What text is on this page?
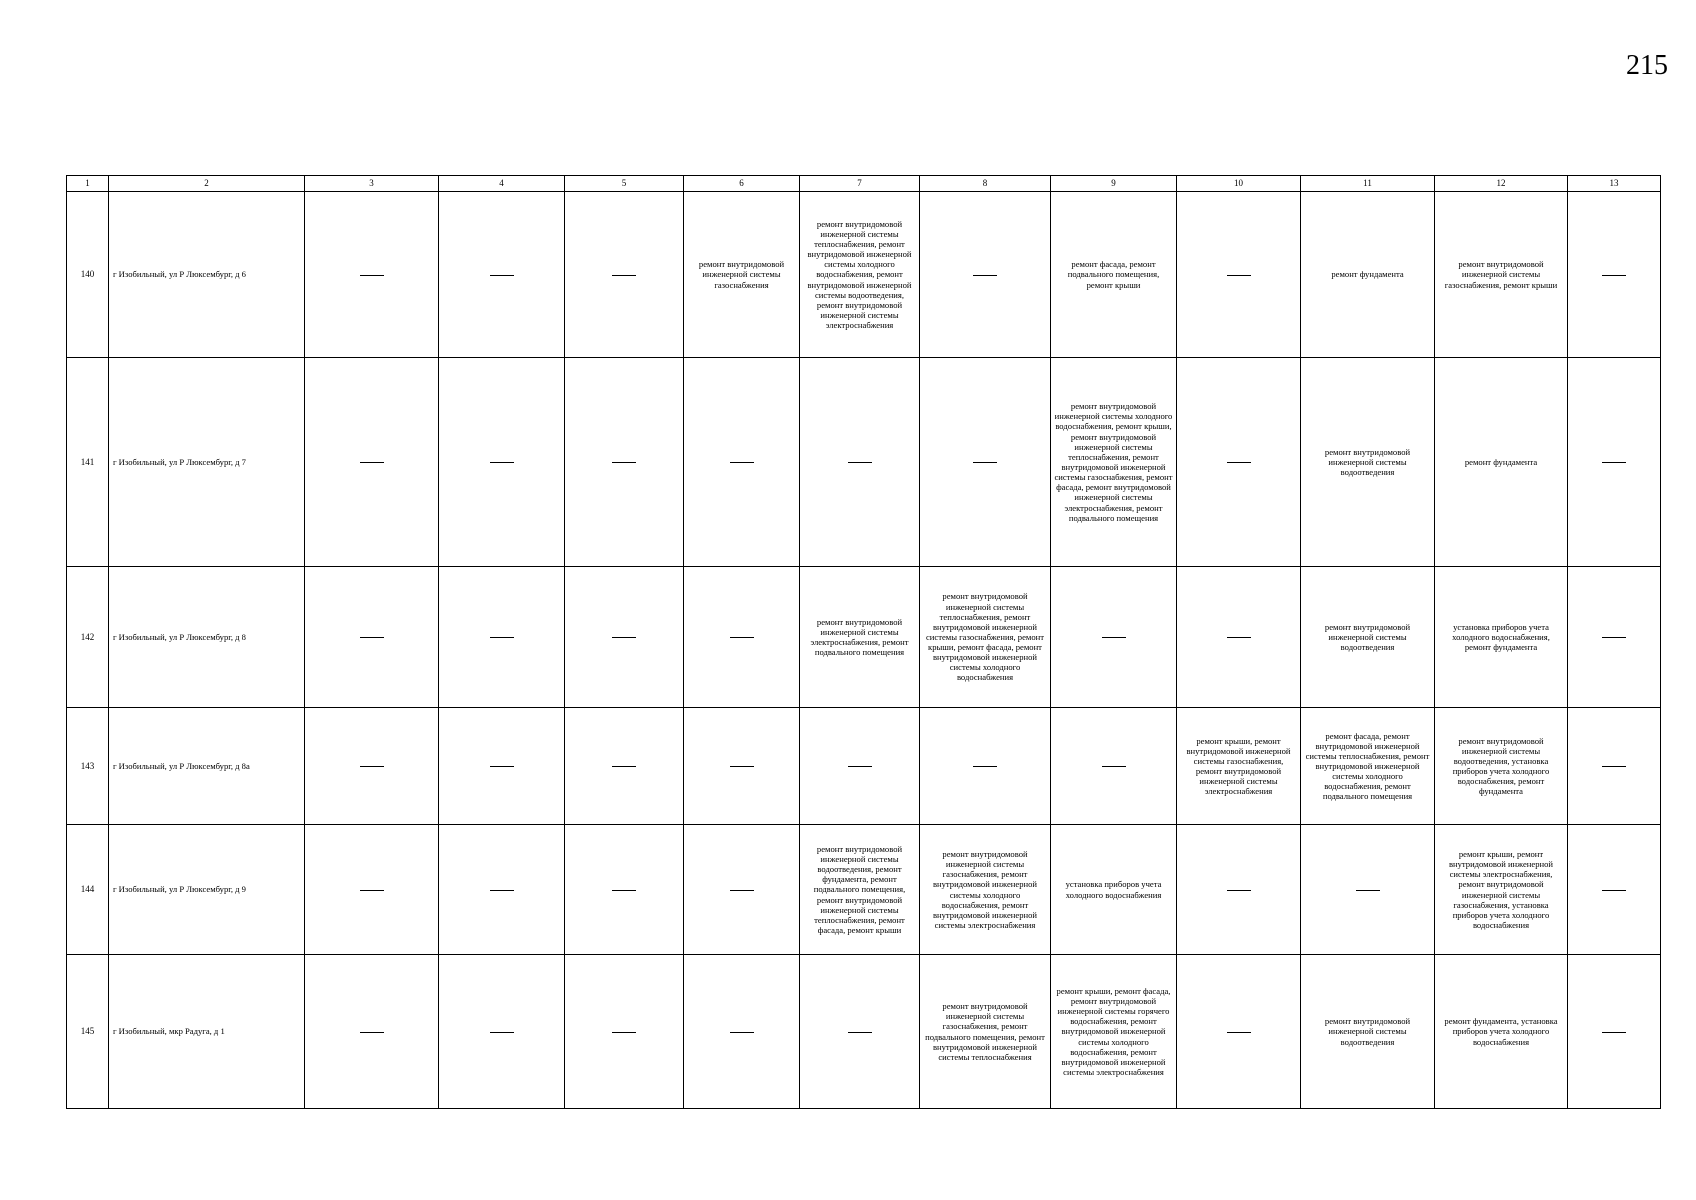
215
1	2	3	4	5	6	7	8	9	10	11	12	13
140	г Изобильный, ул Р Люксембург, д 6				ремонт внутридомовой инженерной системы газоснабжения	ремонт внутридомовой инженерной системы теплоснабжения, ремонт внутридомовой инженерной системы холодного водоснабжения, ремонт внутридомовой инженерной системы водоотведения, ремонт внутридомовой инженерной системы электроснабжения		ремонт фасада, ремонт подвального помещения, ремонт крыши		ремонт фундамента	ремонт внутридомовой инженерной системы газоснабжения, ремонт крыши	
141	г Изобильный, ул Р Люксембург, д 7							ремонт внутридомовой инженерной системы холодного водоснабжения, ремонт крыши, ремонт внутридомовой инженерной системы теплоснабжения, ремонт внутридомовой инженерной системы газоснабжения, ремонт фасада, ремонт внутридомовой инженерной системы электроснабжения, ремонт подвального помещения		ремонт внутридомовой инженерной системы водоотведения	ремонт фундамента	
142	г Изобильный, ул Р Люксембург, д 8					ремонт внутридомовой инженерной системы электроснабжения, ремонт подвального помещения	ремонт внутридомовой инженерной системы теплоснабжения, ремонт внутридомовой инженерной системы газоснабжения, ремонт крыши, ремонт фасада, ремонт внутридомовой инженерной системы холодного водоснабжения			ремонт внутридомовой инженерной системы водоотведения	установка приборов учета холодного водоснабжения, ремонт фундамента	
143	г Изобильный, ул Р Люксембург, д 8а								ремонт крыши, ремонт внутридомовой инженерной системы газоснабжения, ремонт внутридомовой инженерной системы электроснабжения	ремонт фасада, ремонт внутридомовой инженерной системы теплоснабжения, ремонт внутридомовой инженерной системы холодного водоснабжения, ремонт подвального помещения	ремонт внутридомовой инженерной системы водоотведения, установка приборов учета холодного водоснабжения, ремонт фундамента	
144	г Изобильный, ул Р Люксембург, д 9					ремонт внутридомовой инженерной системы водоотведения, ремонт фундамента, ремонт подвального помещения, ремонт внутридомовой инженерной системы теплоснабжения, ремонт фасада, ремонт крыши	ремонт внутридомовой инженерной системы газоснабжения, ремонт внутридомовой инженерной системы холодного водоснабжения, ремонт внутридомовой инженерной системы электроснабжения	установка приборов учета холодного водоснабжения			ремонт крыши, ремонт внутридомовой инженерной системы электроснабжения, ремонт внутридомовой инженерной системы газоснабжения, установка приборов учета холодного водоснабжения	
145	г Изобильный, мкр Радуга, д 1						ремонт внутридомовой инженерной системы газоснабжения, ремонт подвального помещения, ремонт внутридомовой инженерной системы теплоснабжения	ремонт крыши, ремонт фасада, ремонт внутридомовой инженерной системы горячего водоснабжения, ремонт внутридомовой инженерной системы холодного водоснабжения, ремонт внутридомовой инженерной системы электроснабжения		ремонт внутридомовой инженерной системы водоотведения	ремонт фундамента, установка приборов учета холодного водоснабжения	
